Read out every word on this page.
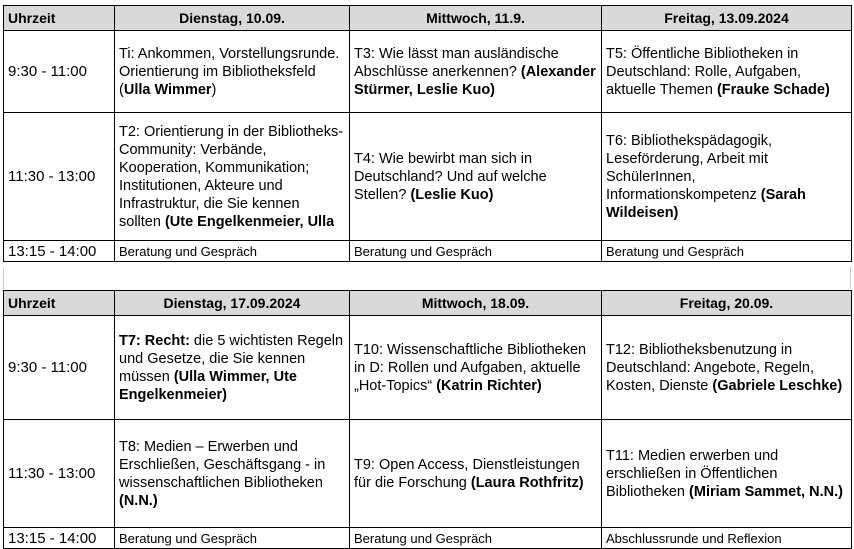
Uhrzeit	Dienstag, 10.09.	Mittwoch, 11.9.	Freitag, 13.09.2024
9:30 - 11:00	Ti: Ankommen, Vorstellungsrunde. Orientierung im Bibliotheksfeld (Ulla Wimmer)	T3: Wie lässt man ausländische Abschlüsse anerkennen? (Alexander Stürmer, Leslie Kuo)	T5: Öffentliche Bibliotheken in Deutschland: Rolle, Aufgaben, aktuelle Themen (Frauke Schade)
11:30 - 13:00	T2: Orientierung in der Bibliotheks-Community: Verbände, Kooperation, Kommunikation; Institutionen, Akteure und Infrastruktur, die Sie kennen sollten (Ute Engelkenmeier, Ulla	T4: Wie bewirbt man sich in Deutschland? Und auf welche Stellen? (Leslie Kuo)	T6: Bibliothekspädagogik, Leseförderung, Arbeit mit SchülerInnen, Informationskompetenz (Sarah Wildeisen)
13:15 - 14:00	Beratung und Gespräch	Beratung und Gespräch	Beratung und Gespräch
Uhrzeit	Dienstag, 17.09.2024	Mittwoch, 18.09.	Freitag, 20.09.
9:30 - 11:00	T7: Recht: die 5 wichtisten Regeln und Gesetze, die Sie kennen müssen (Ulla Wimmer, Ute Engelkenmeier)	T10: Wissenschaftliche Bibliotheken in D: Rollen und Aufgaben, aktuelle „Hot-Topics“ (Katrin Richter)	T12: Bibliotheksbenutzung in Deutschland: Angebote, Regeln, Kosten, Dienste (Gabriele Leschke)
11:30 - 13:00	T8: Medien – Erwerben und Erschließen, Geschäftsgang - in wissenschaftlichen Bibliotheken (N.N.)	T9: Open Access, Dienstleistungen für die Forschung (Laura Rothfritz)	T11: Medien erwerben und erschließen in Öffentlichen Bibliotheken (Miriam Sammet, N.N.)
13:15 - 14:00	Beratung und Gespräch	Beratung und Gespräch	Abschlussrunde und Reflexion
